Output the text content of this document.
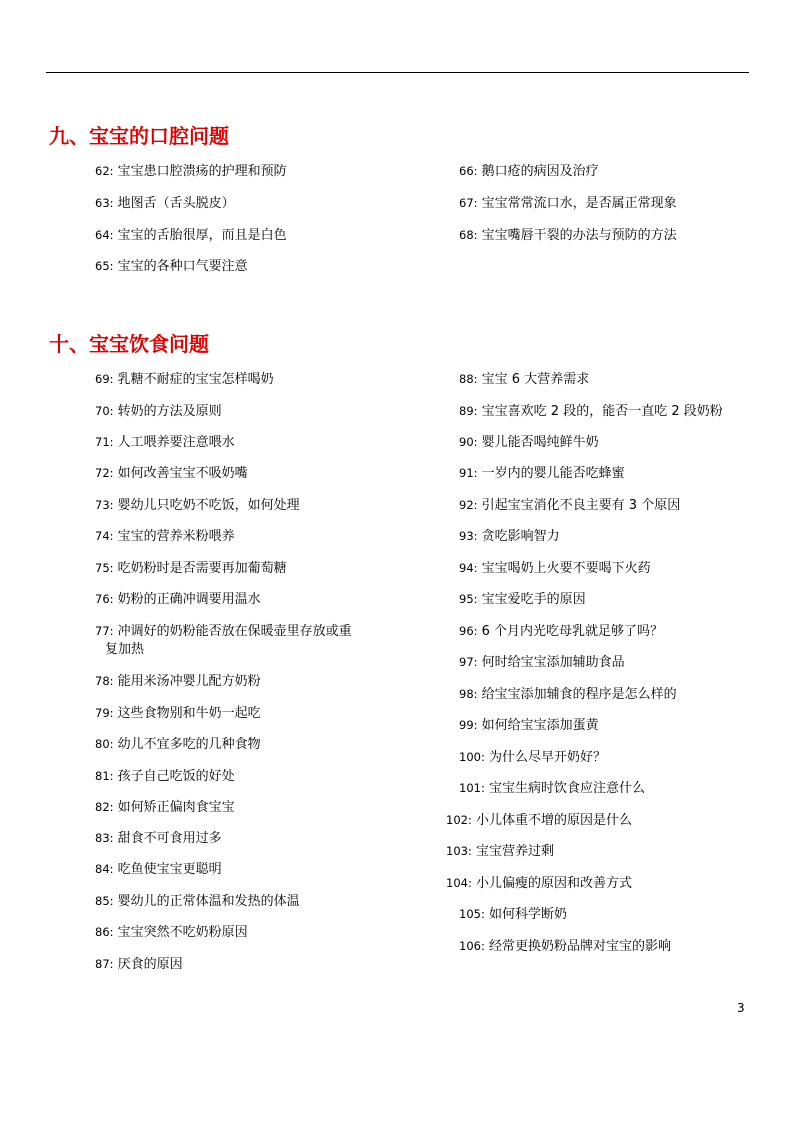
九、宝宝的口腔问题
62: 宝宝患口腔溃疡的护理和预防
63: 地图舌（舌头脱皮）
64: 宝宝的舌胎很厚，而且是白色
65: 宝宝的各种口气要注意
66: 鹅口疮的病因及治疗
67: 宝宝常常流口水，是否属正常现象
68: 宝宝嘴唇干裂的办法与预防的方法
十、宝宝饮食问题
69: 乳糖不耐症的宝宝怎样喝奶
70: 转奶的方法及原则
71: 人工喂养要注意喂水
72: 如何改善宝宝不吸奶嘴
73: 婴幼儿只吃奶不吃饭，如何处理
74: 宝宝的营养米粉喂养
75: 吃奶粉时是否需要再加葡萄糖
76: 奶粉的正确冲调要用温水
77: 冲调好的奶粉能否放在保暖壶里存放或重
复加热
78: 能用米汤冲婴儿配方奶粉
79: 这些食物别和牛奶一起吃
80: 幼儿不宜多吃的几种食物
81: 孩子自己吃饭的好处
82: 如何矫正偏肉食宝宝
83: 甜食不可食用过多
84: 吃鱼使宝宝更聪明
85: 婴幼儿的正常体温和发热的体温
86: 宝宝突然不吃奶粉原因
87: 厌食的原因
88: 宝宝 6 大营养需求
89: 宝宝喜欢吃 2 段的，能否一直吃 2 段奶粉
90: 婴儿能否喝纯鲜牛奶
91: 一岁内的婴儿能否吃蜂蜜
92: 引起宝宝消化不良主要有 3 个原因
93: 贪吃影响智力
94: 宝宝喝奶上火要不要喝下火药
95: 宝宝爱吃手的原因
96: 6 个月内光吃母乳就足够了吗？
97: 何时给宝宝添加辅助食品
98: 给宝宝添加辅食的程序是怎么样的
99: 如何给宝宝添加蛋黄
100: 为什么尽早开奶好？
101: 宝宝生病时饮食应注意什么
102: 小儿体重不增的原因是什么
103: 宝宝营养过剩
104: 小儿偏瘦的原因和改善方式
105: 如何科学断奶
106: 经常更换奶粉品牌对宝宝的影响
3
